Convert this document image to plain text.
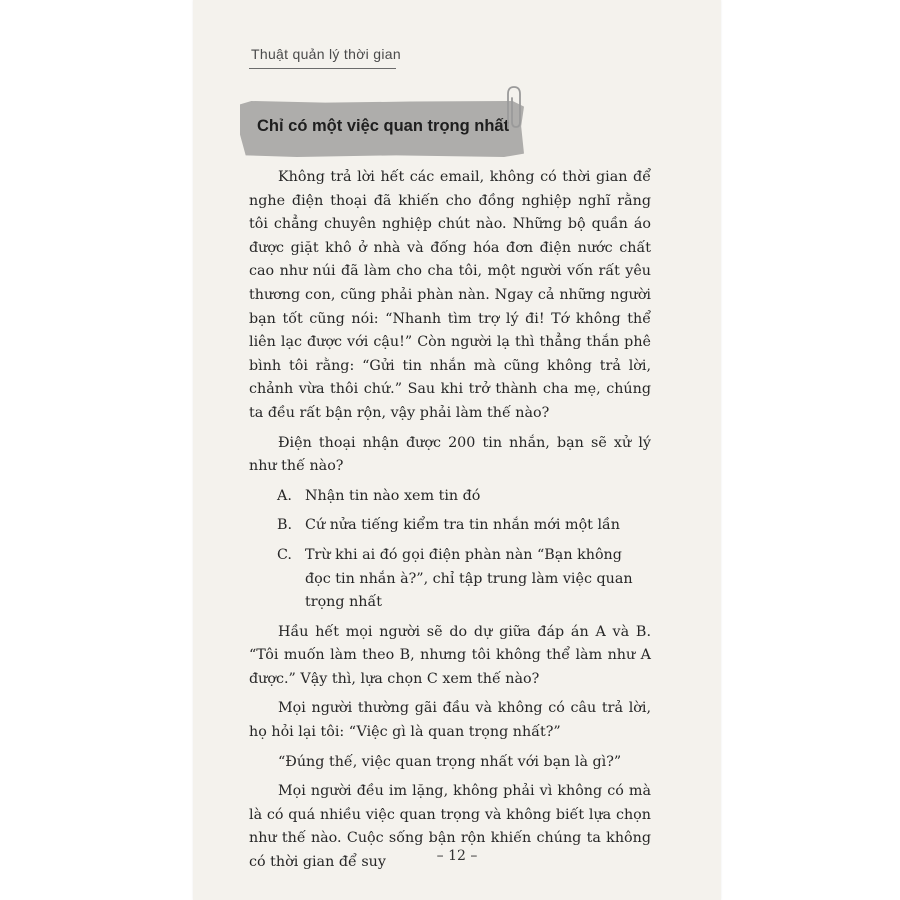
Thuật quản lý thời gian
Chỉ có một việc quan trọng nhất

Không trả lời hết các email, không có thời gian để nghe điện thoại đã khiến cho đồng nghiệp nghĩ rằng tôi chẳng chuyên nghiệp chút nào. Những bộ quần áo được giặt khô ở nhà và đống hóa đơn điện nước chất cao như núi đã làm cho cha tôi, một người vốn rất yêu thương con, cũng phải phàn nàn. Ngay cả những người bạn tốt cũng nói: “Nhanh tìm trợ lý đi! Tớ không thể liên lạc được với cậu!” Còn người lạ thì thẳng thắn phê bình tôi rằng: “Gửi tin nhắn mà cũng không trả lời, chảnh vừa thôi chứ.” Sau khi trở thành cha mẹ, chúng ta đều rất bận rộn, vậy phải làm thế nào?

Điện thoại nhận được 200 tin nhắn, bạn sẽ xử lý như thế nào?

A. Nhận tin nào xem tin đó
B. Cứ nửa tiếng kiểm tra tin nhắn mới một lần
C. Trừ khi ai đó gọi điện phàn nàn “Bạn không đọc tin nhắn à?”, chỉ tập trung làm việc quan trọng nhất

Hầu hết mọi người sẽ do dự giữa đáp án A và B. “Tôi muốn làm theo B, nhưng tôi không thể làm như A được.” Vậy thì, lựa chọn C xem thế nào?

Mọi người thường gãi đầu và không có câu trả lời, họ hỏi lại tôi: “Việc gì là quan trọng nhất?”

“Đúng thế, việc quan trọng nhất với bạn là gì?”

Mọi người đều im lặng, không phải vì không có mà là có quá nhiều việc quan trọng và không biết lựa chọn như thế nào. Cuộc sống bận rộn khiến chúng ta không có thời gian để suy	– 12 –
